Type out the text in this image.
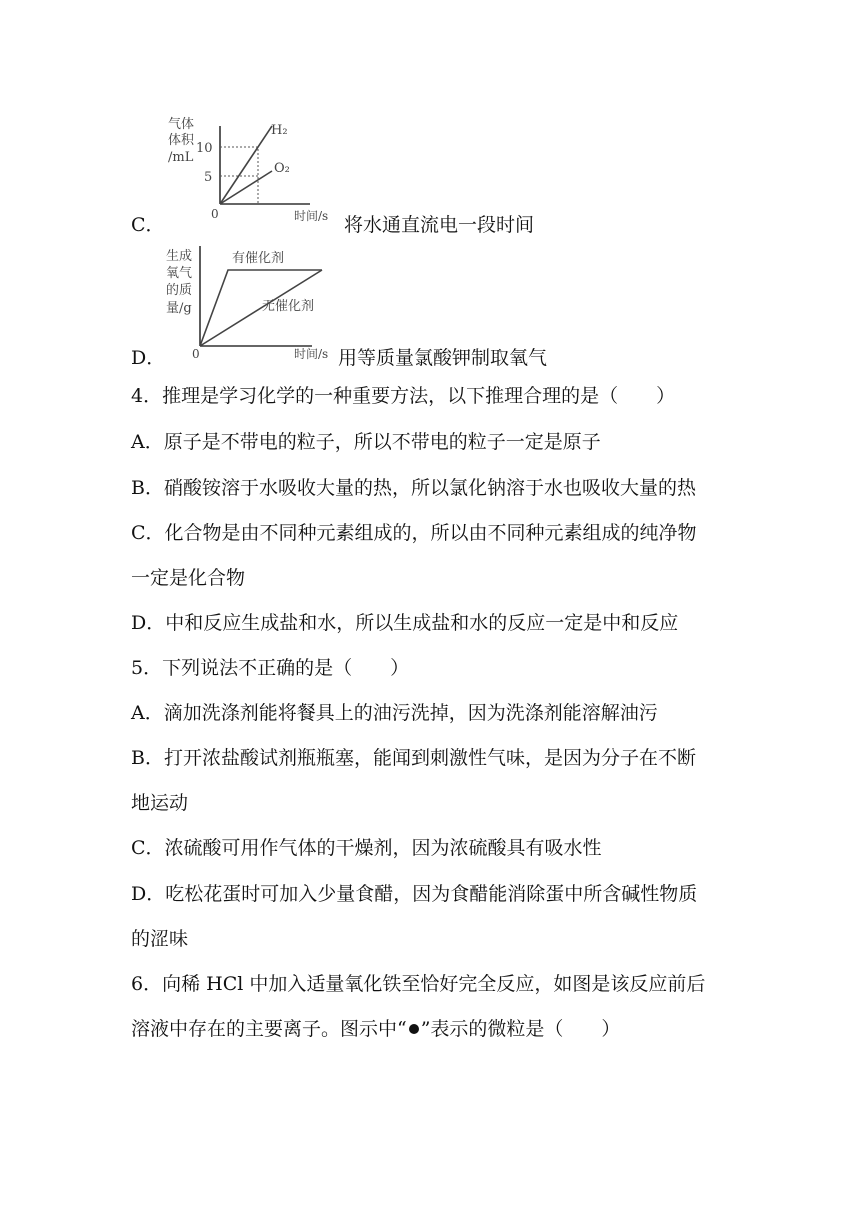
气体
体积
/mL
10
5
H₂
O₂
0	时间/s
C．	将水通直流电一段时间
生成
氧气
的质
量/g
有催化剂
无催化剂
0	时间/s
D．	用等质量氯酸钾制取氧气
4．推理是学习化学的一种重要方法，以下推理合理的是（　　）
A．原子是不带电的粒子，所以不带电的粒子一定是原子
B．硝酸铵溶于水吸收大量的热，所以氯化钠溶于水也吸收大量的热
C．化合物是由不同种元素组成的，所以由不同种元素组成的纯净物
一定是化合物
D．中和反应生成盐和水，所以生成盐和水的反应一定是中和反应
5．下列说法不正确的是（　　）
A．滴加洗涤剂能将餐具上的油污洗掉，因为洗涤剂能溶解油污
B．打开浓盐酸试剂瓶瓶塞，能闻到刺激性气味，是因为分子在不断
地运动
C．浓硫酸可用作气体的干燥剂，因为浓硫酸具有吸水性
D．吃松花蛋时可加入少量食醋，因为食醋能消除蛋中所含碱性物质
的涩味
6．向稀 HCl 中加入适量氧化铁至恰好完全反应，如图是该反应前后
溶液中存在的主要离子。图示中“ ”表示的微粒是（　　）
